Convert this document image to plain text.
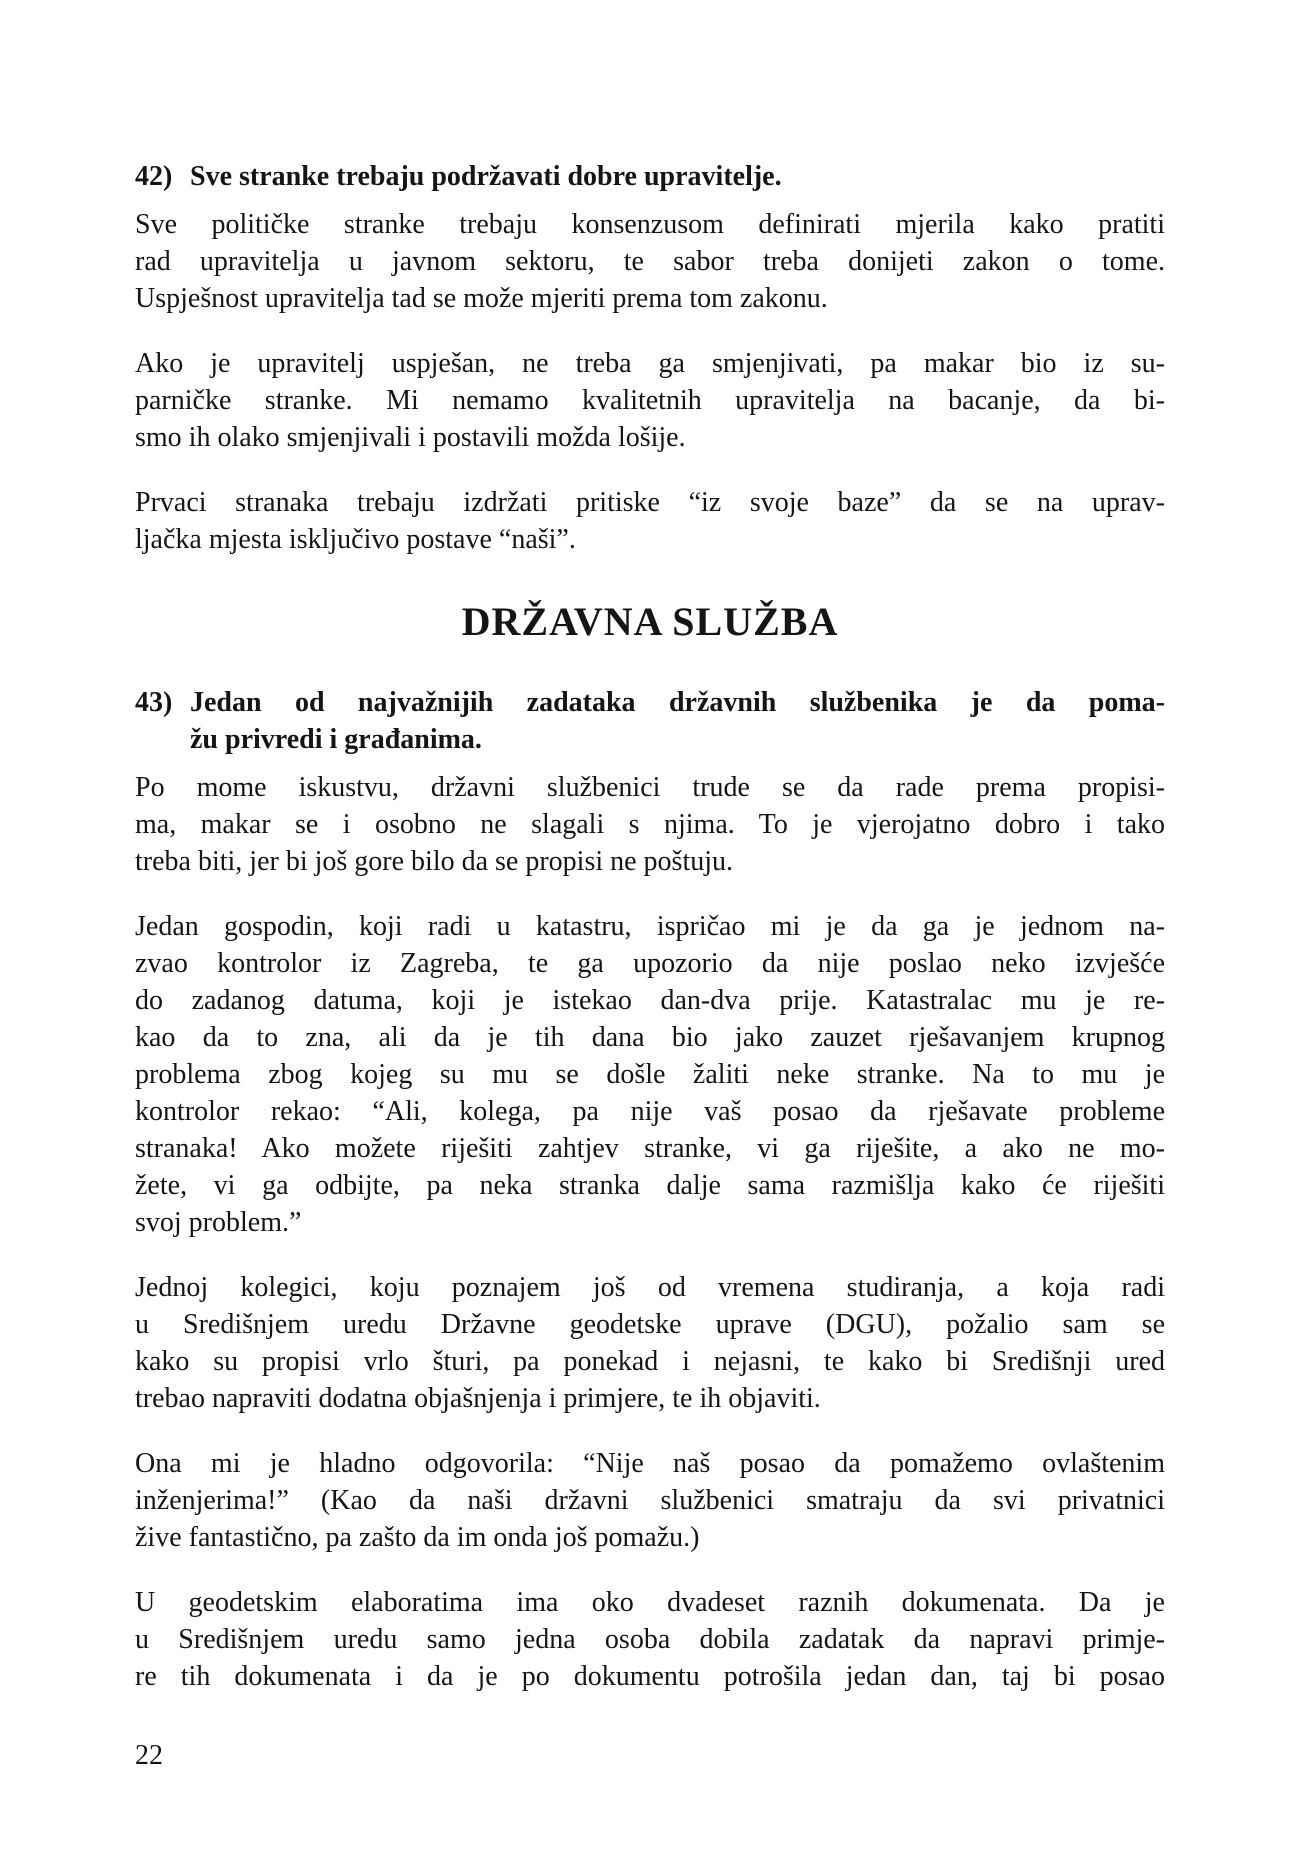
42) Sve stranke trebaju podržavati dobre upravitelje.
Sve političke stranke trebaju konsenzusom definirati mjerila kako pratiti
rad upravitelja u javnom sektoru, te sabor treba donijeti zakon o tome.
Uspješnost upravitelja tad se može mjeriti prema tom zakonu.
Ako je upravitelj uspješan, ne treba ga smjenjivati, pa makar bio iz su-
parničke stranke. Mi nemamo kvalitetnih upravitelja na bacanje, da bi-
smo ih olako smjenjivali i postavili možda lošije.
Prvaci stranaka trebaju izdržati pritiske “iz svoje baze” da se na uprav-
ljačka mjesta isključivo postave “naši”.
DRŽAVNA SLUŽBA
43) Jedan od najvažnijih zadataka državnih službenika je da poma-
žu privredi i građanima.
Po mome iskustvu, državni službenici trude se da rade prema propisi-
ma, makar se i osobno ne slagali s njima. To je vjerojatno dobro i tako
treba biti, jer bi još gore bilo da se propisi ne poštuju.
Jedan gospodin, koji radi u katastru, ispričao mi je da ga je jednom na-
zvao kontrolor iz Zagreba, te ga upozorio da nije poslao neko izvješće
do zadanog datuma, koji je istekao dan-dva prije. Katastralac mu je re-
kao da to zna, ali da je tih dana bio jako zauzet rješavanjem krupnog
problema zbog kojeg su mu se došle žaliti neke stranke. Na to mu je
kontrolor rekao: “Ali, kolega, pa nije vaš posao da rješavate probleme
stranaka! Ako možete riješiti zahtjev stranke, vi ga riješite, a ako ne mo-
žete, vi ga odbijte, pa neka stranka dalje sama razmišlja kako će riješiti
svoj problem.”
Jednoj kolegici, koju poznajem još od vremena studiranja, a koja radi
u Središnjem uredu Državne geodetske uprave (DGU), požalio sam se
kako su propisi vrlo šturi, pa ponekad i nejasni, te kako bi Središnji ured
trebao napraviti dodatna objašnjenja i primjere, te ih objaviti.
Ona mi je hladno odgovorila: “Nije naš posao da pomažemo ovlaštenim
inženjerima!” (Kao da naši državni službenici smatraju da svi privatnici
žive fantastično, pa zašto da im onda još pomažu.)
U geodetskim elaboratima ima oko dvadeset raznih dokumenata. Da je
u Središnjem uredu samo jedna osoba dobila zadatak da napravi primje-
re tih dokumenata i da je po dokumentu potrošila jedan dan, taj bi posao
22
